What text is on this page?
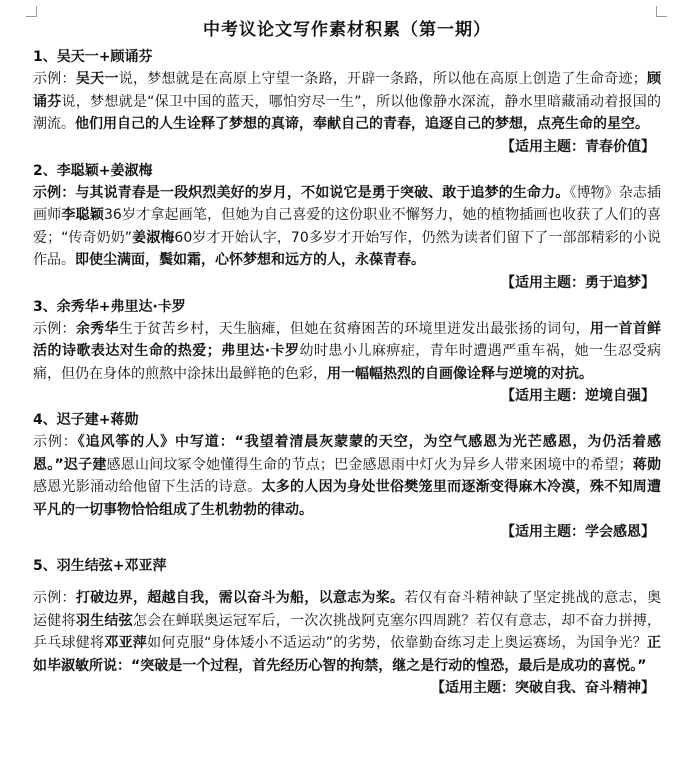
中考议论文写作素材积累（第一期）
1、吴天一+顾诵芬
示例：吴天一说，梦想就是在高原上守望一条路，开辟一条路，所以他在高原上创造了生命奇迹；顾诵芬说，梦想就是“保卫中国的蓝天，哪怕穷尽一生”，所以他像静水深流，静水里暗藏涌动着报国的潮流。他们用自己的人生诠释了梦想的真谛，奉献自己的青春，追逐自己的梦想，点亮生命的星空。
【适用主题：青春价值】
2、李聪颖+姜淑梅
示例：与其说青春是一段炽烈美好的岁月，不如说它是勇于突破、敢于追梦的生命力。《博物》杂志插画师李聪颖36岁才拿起画笔，但她为自己喜爱的这份职业不懈努力，她的植物插画也收获了人们的喜爱；“传奇奶奶”姜淑梅60岁才开始认字，70多岁才开始写作，仍然为读者们留下了一部部精彩的小说作品。即使尘满面，鬓如霜，心怀梦想和远方的人，永葆青春。
【适用主题：勇于追梦】
3、余秀华+弗里达·卡罗
示例：余秀华生于贫苦乡村，天生脑瘫，但她在贫瘠困苦的环境里迸发出最张扬的词句，用一首首鲜活的诗歌表达对生命的热爱；弗里达·卡罗幼时患小儿麻痹症，青年时遭遇严重车祸，她一生忍受病痛，但仍在身体的煎熬中涂抹出最鲜艳的色彩，用一幅幅热烈的自画像诠释与逆境的对抗。
【适用主题：逆境自强】
4、迟子建+蒋勋
示例：《追风筝的人》中写道：“我望着清晨灰蒙蒙的天空，为空气感恩为光芒感恩，为仍活着感恩。”迟子建感恩山间坟冢令她懂得生命的节点；巴金感恩雨中灯火为异乡人带来困境中的希望；蒋勋感恩光影涌动给他留下生活的诗意。太多的人因为身处世俗樊笼里而逐渐变得麻木冷漠，殊不知周遭平凡的一切事物恰恰组成了生机勃勃的律动。
【适用主题：学会感恩】
5、羽生结弦+邓亚萍
示例：打破边界，超越自我，需以奋斗为船，以意志为桨。若仅有奋斗精神缺了坚定挑战的意志，奥运健将羽生结弦怎会在蝉联奥运冠军后，一次次挑战阿克塞尔四周跳？若仅有意志，却不奋力拼搏，乒乓球健将邓亚萍如何克服“身体矮小不适运动”的劣势，依靠勤奋练习走上奥运赛场，为国争光？正如毕淑敏所说：“突破是一个过程，首先经历心智的拘禁，继之是行动的惶恐，最后是成功的喜悦。”
【适用主题：突破自我、奋斗精神】
